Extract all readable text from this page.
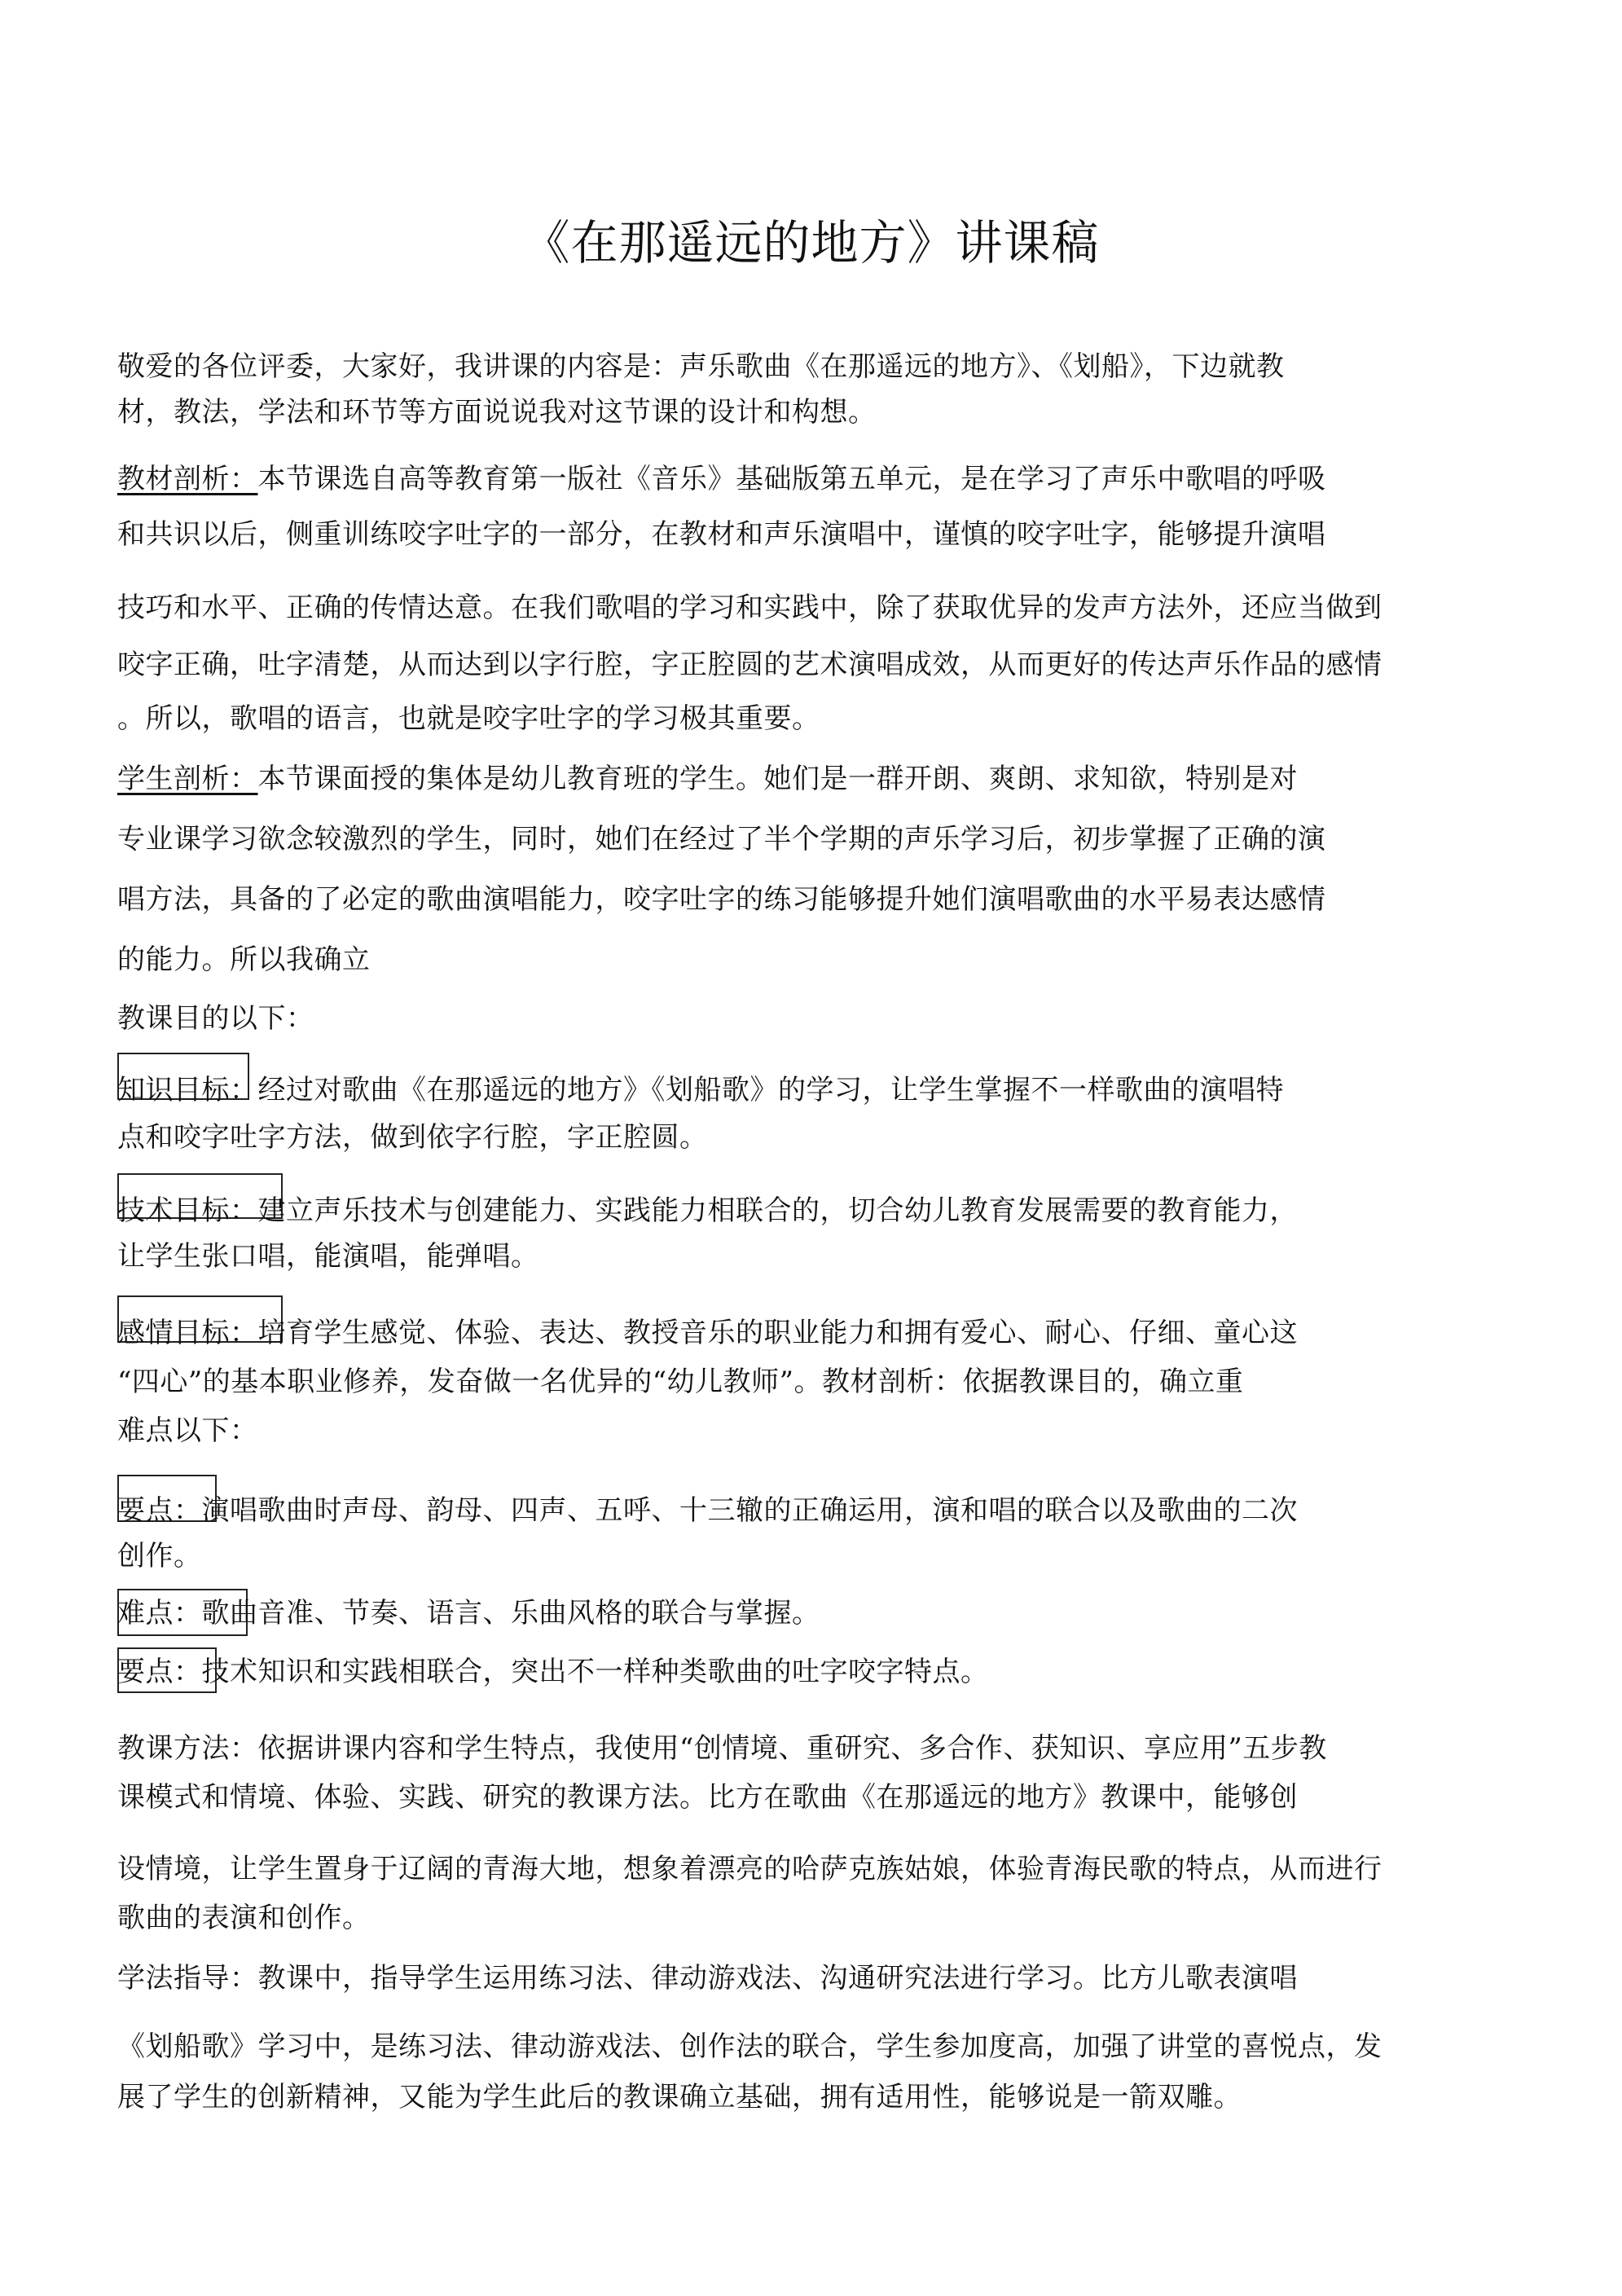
《在那遥远的地方》讲课稿
敬爱的各位评委，大家好，我讲课的内容是：声乐歌曲《在那遥远的地方》、《划船》，下边就教
材，教法，学法和环节等方面说说我对这节课的设计和构想。
教材剖析：本节课选自高等教育第一版社《音乐》基础版第五单元，是在学习了声乐中歌唱的呼吸
和共识以后，侧重训练咬字吐字的一部分，在教材和声乐演唱中，谨慎的咬字吐字，能够提升演唱
技巧和水平、正确的传情达意。在我们歌唱的学习和实践中，除了获取优异的发声方法外，还应当做到
咬字正确，吐字清楚，从而达到以字行腔，字正腔圆的艺术演唱成效，从而更好的传达声乐作品的感情
。所以，歌唱的语言，也就是咬字吐字的学习极其重要。
学生剖析：本节课面授的集体是幼儿教育班的学生。她们是一群开朗、爽朗、求知欲，特别是对
专业课学习欲念较激烈的学生，同时，她们在经过了半个学期的声乐学习后，初步掌握了正确的演
唱方法，具备的了必定的歌曲演唱能力，咬字吐字的练习能够提升她们演唱歌曲的水平易表达感情
的能力。所以我确立
教课目的以下：
知识目标：经过对歌曲《在那遥远的地方》《划船歌》的学习，让学生掌握不一样歌曲的演唱特
点和咬字吐字方法，做到依字行腔，字正腔圆。
技术目标：建立声乐技术与创建能力、实践能力相联合的，切合幼儿教育发展需要的教育能力，
让学生张口唱，能演唱，能弹唱。
感情目标：培育学生感觉、体验、表达、教授音乐的职业能力和拥有爱心、耐心、仔细、童心这
“四心”的基本职业修养，发奋做一名优异的“幼儿教师”。教材剖析：依据教课目的，确立重
难点以下：
要点：演唱歌曲时声母、韵母、四声、五呼、十三辙的正确运用，演和唱的联合以及歌曲的二次
创作。
难点：歌曲音准、节奏、语言、乐曲风格的联合与掌握。
要点：技术知识和实践相联合，突出不一样种类歌曲的吐字咬字特点。
教课方法：依据讲课内容和学生特点，我使用“创情境、重研究、多合作、获知识、享应用”五步教
课模式和情境、体验、实践、研究的教课方法。比方在歌曲《在那遥远的地方》教课中，能够创
设情境，让学生置身于辽阔的青海大地，想象着漂亮的哈萨克族姑娘，体验青海民歌的特点，从而进行
歌曲的表演和创作。
学法指导：教课中，指导学生运用练习法、律动游戏法、沟通研究法进行学习。比方儿歌表演唱
《划船歌》学习中，是练习法、律动游戏法、创作法的联合，学生参加度高，加强了讲堂的喜悦点，发
展了学生的创新精神，又能为学生此后的教课确立基础，拥有适用性，能够说是一箭双雕。
